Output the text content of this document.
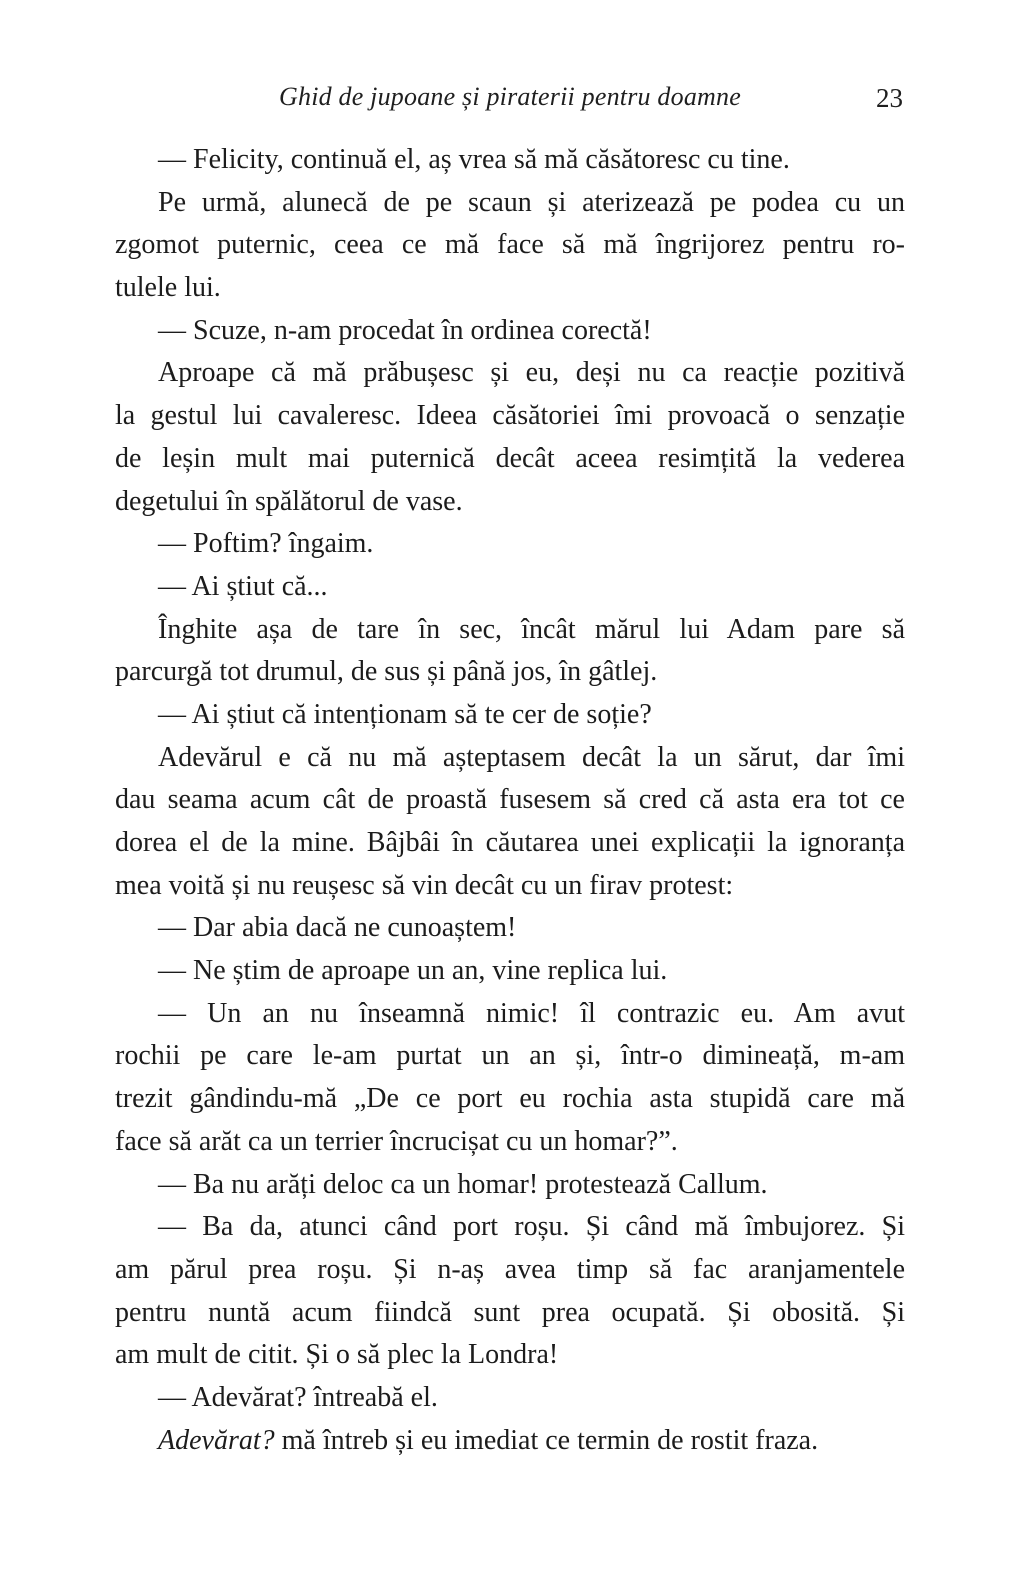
Ghid de jupoane și piraterii pentru doamne	23
— Felicity, continuă el, aș vrea să mă căsătoresc cu tine.
Pe urmă, alunecă de pe scaun și aterizează pe podea cu un
zgomot puternic, ceea ce mă face să mă îngrijorez pentru ro-
tulele lui.
— Scuze, n-am procedat în ordinea corectă!
Aproape că mă prăbușesc și eu, deși nu ca reacție pozitivă
la gestul lui cavaleresc. Ideea căsătoriei îmi provoacă o senzație
de leșin mult mai puternică decât aceea resimțită la vederea
degetului în spălătorul de vase.
— Poftim? îngaim.
— Ai știut că...
Înghite așa de tare în sec, încât mărul lui Adam pare să
parcurgă tot drumul, de sus și până jos, în gâtlej.
— Ai știut că intenționam să te cer de soție?
Adevărul e că nu mă așteptasem decât la un sărut, dar îmi
dau seama acum cât de proastă fusesem să cred că asta era tot ce
dorea el de la mine. Bâjbâi în căutarea unei explicații la ignoranța
mea voită și nu reușesc să vin decât cu un firav protest:
— Dar abia dacă ne cunoaștem!
— Ne știm de aproape un an, vine replica lui.
— Un an nu înseamnă nimic! îl contrazic eu. Am avut
rochii pe care le-am purtat un an și, într-o dimineață, m-am
trezit gândindu-mă „De ce port eu rochia asta stupidă care mă
face să arăt ca un terrier încrucișat cu un homar?”.
— Ba nu arăți deloc ca un homar! protestează Callum.
— Ba da, atunci când port roșu. Și când mă îmbujorez. Și
am părul prea roșu. Și n-aș avea timp să fac aranjamentele
pentru nuntă acum fiindcă sunt prea ocupată. Și obosită. Și
am mult de citit. Și o să plec la Londra!
— Adevărat? întreabă el.
Adevărat? mă întreb și eu imediat ce termin de rostit fraza.
